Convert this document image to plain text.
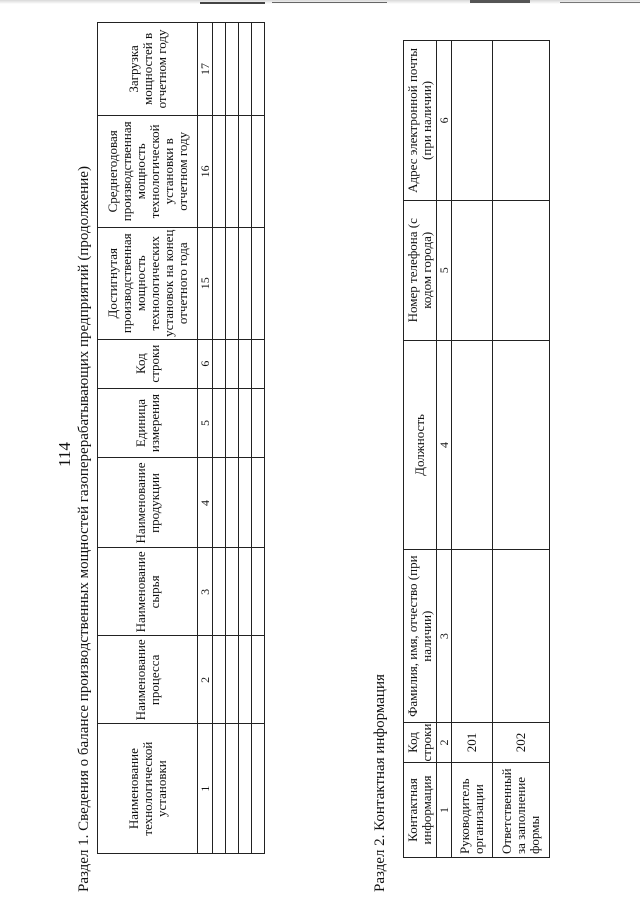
114 Раздел 1. Сведения о балансе производственных мощностей газоперерабатывающих предприятий (продолжение)	Наименование технологической установки	Наименование процесса	Наименование сырья	Наименование продукции	Единица измерения	Код строки	Достигнутая производственная мощность технологических установок на конец отчетного года	Среднегодовая производственная мощность технологической установки в отчетном году	Загрузка мощностей в отчетном году
1	2	3	4	5	6	15	16	17

Раздел 2. Контактная информация Контактная информация	Код строки	Фамилия, имя, отчество (при наличии)	Должность	Номер телефона (с кодом города)	Адрес электронной почты (при наличии)
1	2	3	4	5	6
Руководитель организации	201				
Ответственный за заполнение формы	202				
